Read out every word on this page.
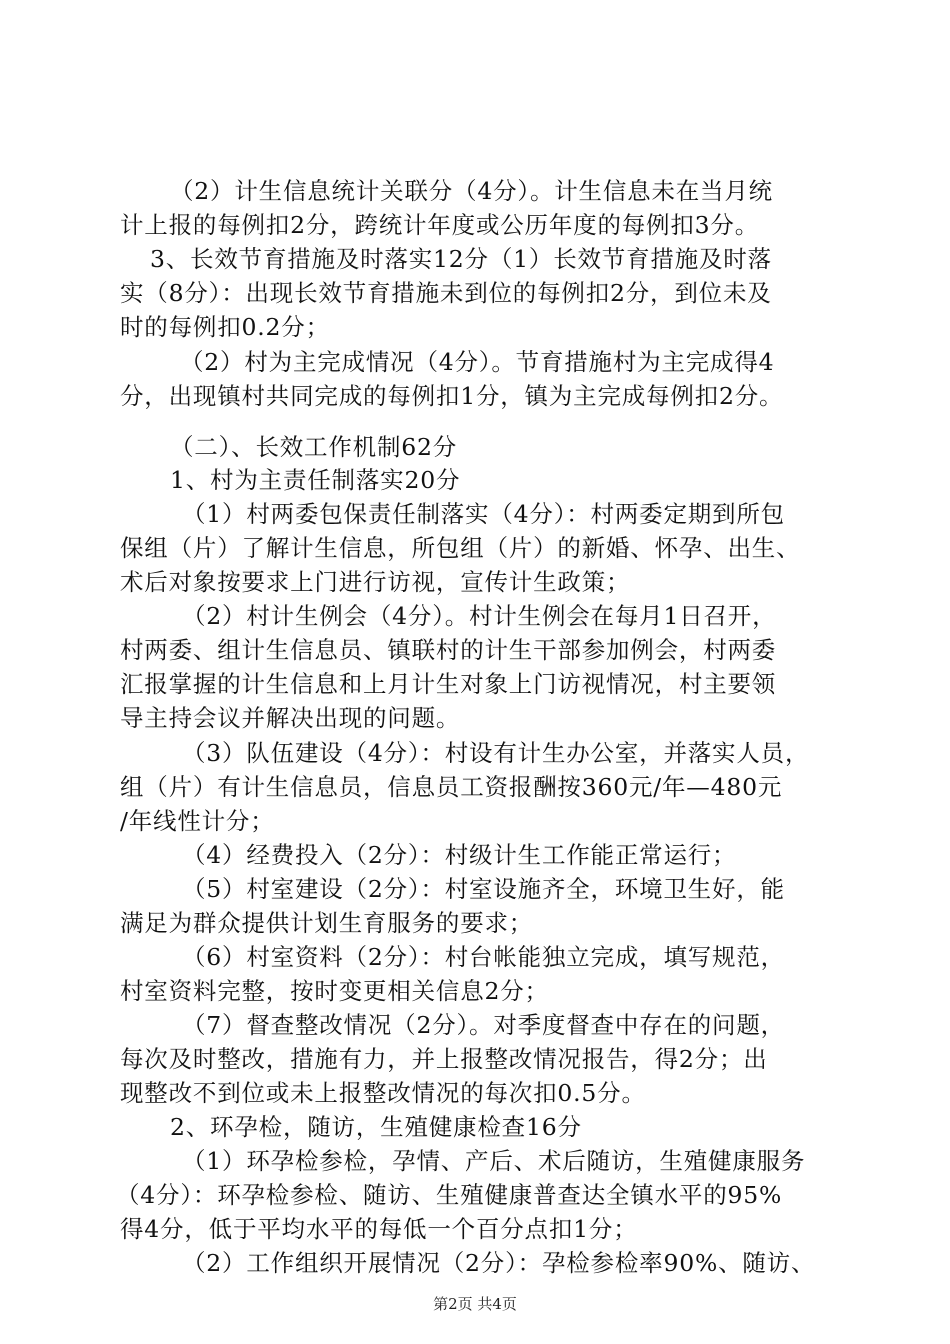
（2）计生信息统计关联分（4分）。计生信息未在当月统
计上报的每例扣2分，跨统计年度或公历年度的每例扣3分。
3、长效节育措施及时落实12分（1）长效节育措施及时落
实（8分）：出现长效节育措施未到位的每例扣2分，到位未及
时的每例扣0.2分；
（2）村为主完成情况（4分）。节育措施村为主完成得4
分，出现镇村共同完成的每例扣1分，镇为主完成每例扣2分。
（二）、长效工作机制62分
1、村为主责任制落实20分
（1）村两委包保责任制落实（4分）：村两委定期到所包
保组（片）了解计生信息，所包组（片）的新婚、怀孕、出生、
术后对象按要求上门进行访视，宣传计生政策；
（2）村计生例会（4分）。村计生例会在每月1日召开，
村两委、组计生信息员、镇联村的计生干部参加例会，村两委
汇报掌握的计生信息和上月计生对象上门访视情况，村主要领
导主持会议并解决出现的问题。
（3）队伍建设（4分）：村设有计生办公室，并落实人员，
组（片）有计生信息员，信息员工资报酬按360元/年—480元
/年线性计分；
（4）经费投入（2分）：村级计生工作能正常运行；
（5）村室建设（2分）：村室设施齐全，环境卫生好，能
满足为群众提供计划生育服务的要求；
（6）村室资料（2分）：村台帐能独立完成，填写规范，
村室资料完整，按时变更相关信息2分；
（7）督查整改情况（2分）。对季度督查中存在的问题，
每次及时整改，措施有力，并上报整改情况报告，得2分；出
现整改不到位或未上报整改情况的每次扣0.5分。
2、环孕检，随访，生殖健康检查16分
（1）环孕检参检，孕情、产后、术后随访，生殖健康服务
（4分）：环孕检参检、随访、生殖健康普查达全镇水平的95%
得4分，低于平均水平的每低一个百分点扣1分；
（2）工作组织开展情况（2分）：孕检参检率90%、随访、
第2页 共4页
